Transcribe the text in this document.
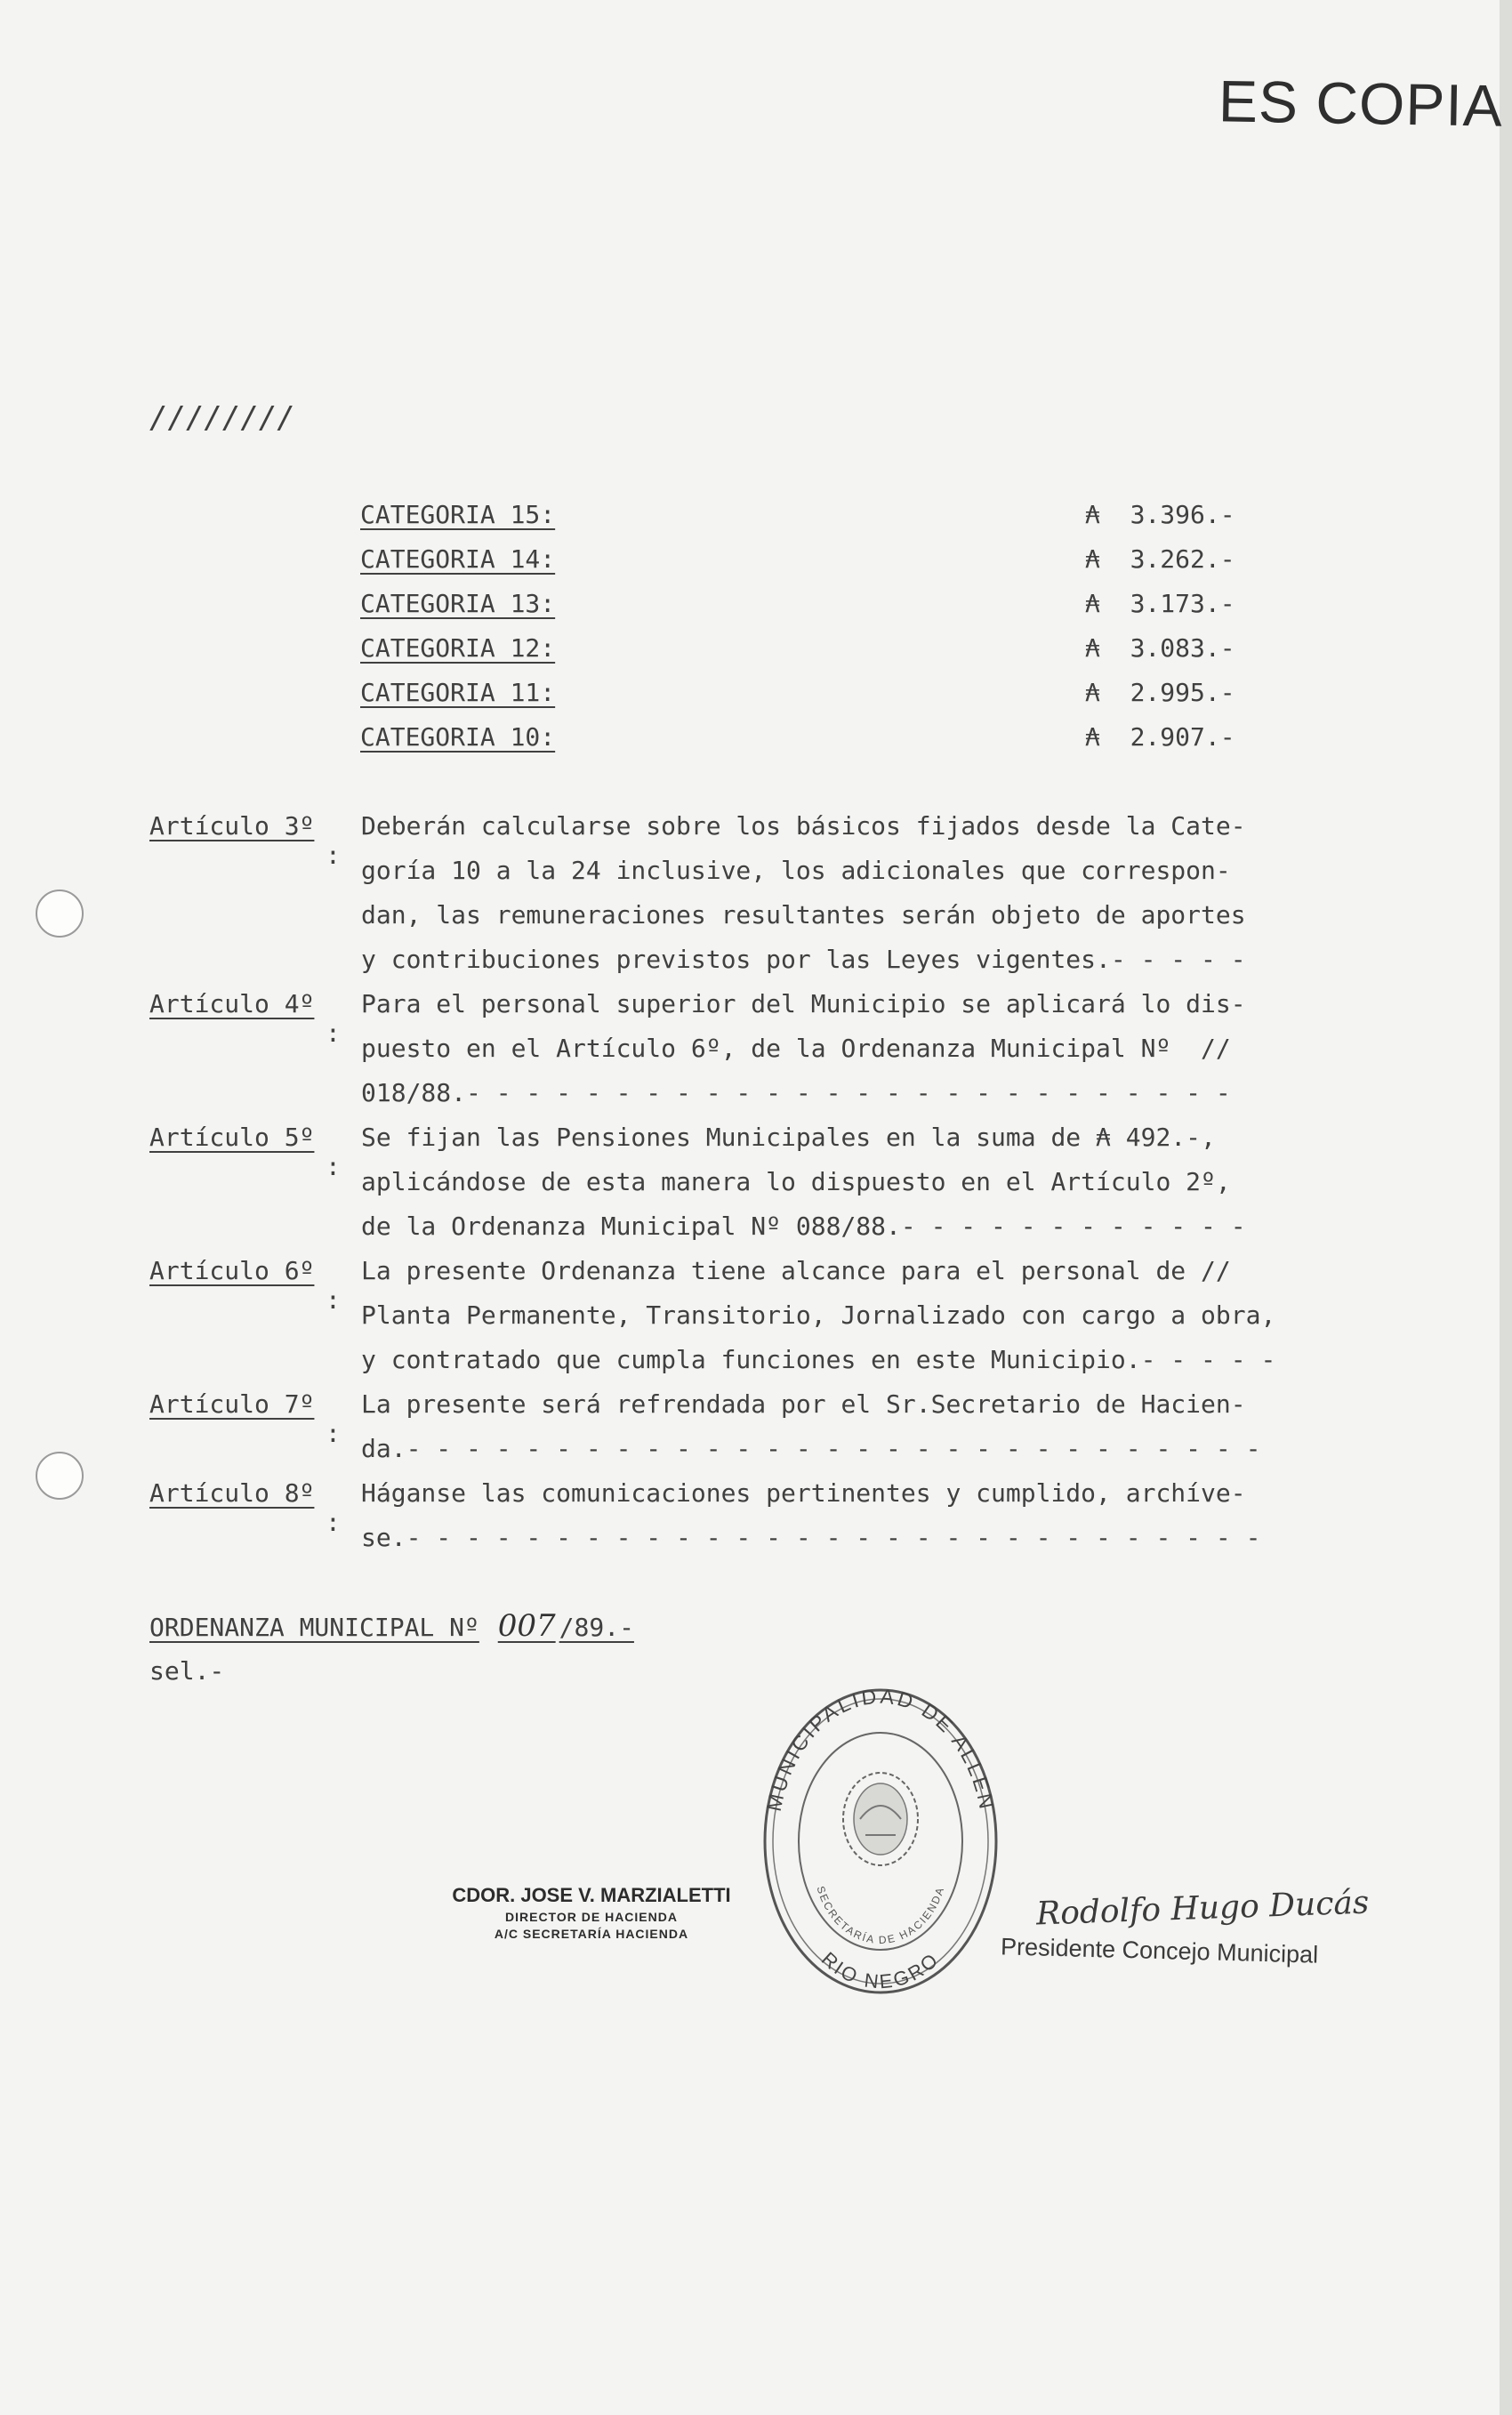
ES COPIA
////////

CATEGORIA 15:

	₳  3.396.-

CATEGORIA 14:

	₳  3.262.-

CATEGORIA 13:

	₳  3.173.-

CATEGORIA 12:

	₳  3.083.-

CATEGORIA 11:

	₳  2.995.-

CATEGORIA 10:

	₳  2.907.-

Artículo 3º
:

Deberán calcularse sobre los básicos fijados desde la Cate-

goría 10 a la 24 inclusive, los adicionales que correspon-

dan, las remuneraciones resultantes serán objeto de aportes

y contribuciones previstos por las Leyes vigentes.- - - - -

Artículo 4º
:

Para el personal superior del Municipio se aplicará lo dis-

puesto en el Artículo 6º, de la Ordenanza Municipal Nº  //

018/88.- - - - - - - - - - - - - - - - - - - - - - - - - -

Artículo 5º
:

Se fijan las Pensiones Municipales en la suma de ₳ 492.-,

aplicándose de esta manera lo dispuesto en el Artículo 2º,

de la Ordenanza Municipal Nº 088/88.- - - - - - - - - - - -

Artículo 6º
:

La presente Ordenanza tiene alcance para el personal de //

Planta Permanente, Transitorio, Jornalizado con cargo a obra,

y contratado que cumpla funciones en este Municipio.- - - - -

Artículo 7º
:

La presente será refrendada por el Sr.Secretario de Hacien-

da.- - - - - - - - - - - - - - - - - - - - - - - - - - - - -

Artículo 8º
:

Háganse las comunicaciones pertinentes y cumplido, archíve-

se.- - - - - - - - - - - - - - - - - - - - - - - - - - - - -

ORDENANZA MUNICIPAL Nº 007 /89.-
sel.-
CDOR. JOSE V. MARZIALETTI
DIRECTOR DE HACIENDA
A/C SECRETARÍA HACIENDA
MUNICIPALIDAD DE ALLEN
RIO NEGRO
SECRETARÍA DE HACIENDA	Rodolfo Hugo Ducás
Presidente Concejo Municipal
